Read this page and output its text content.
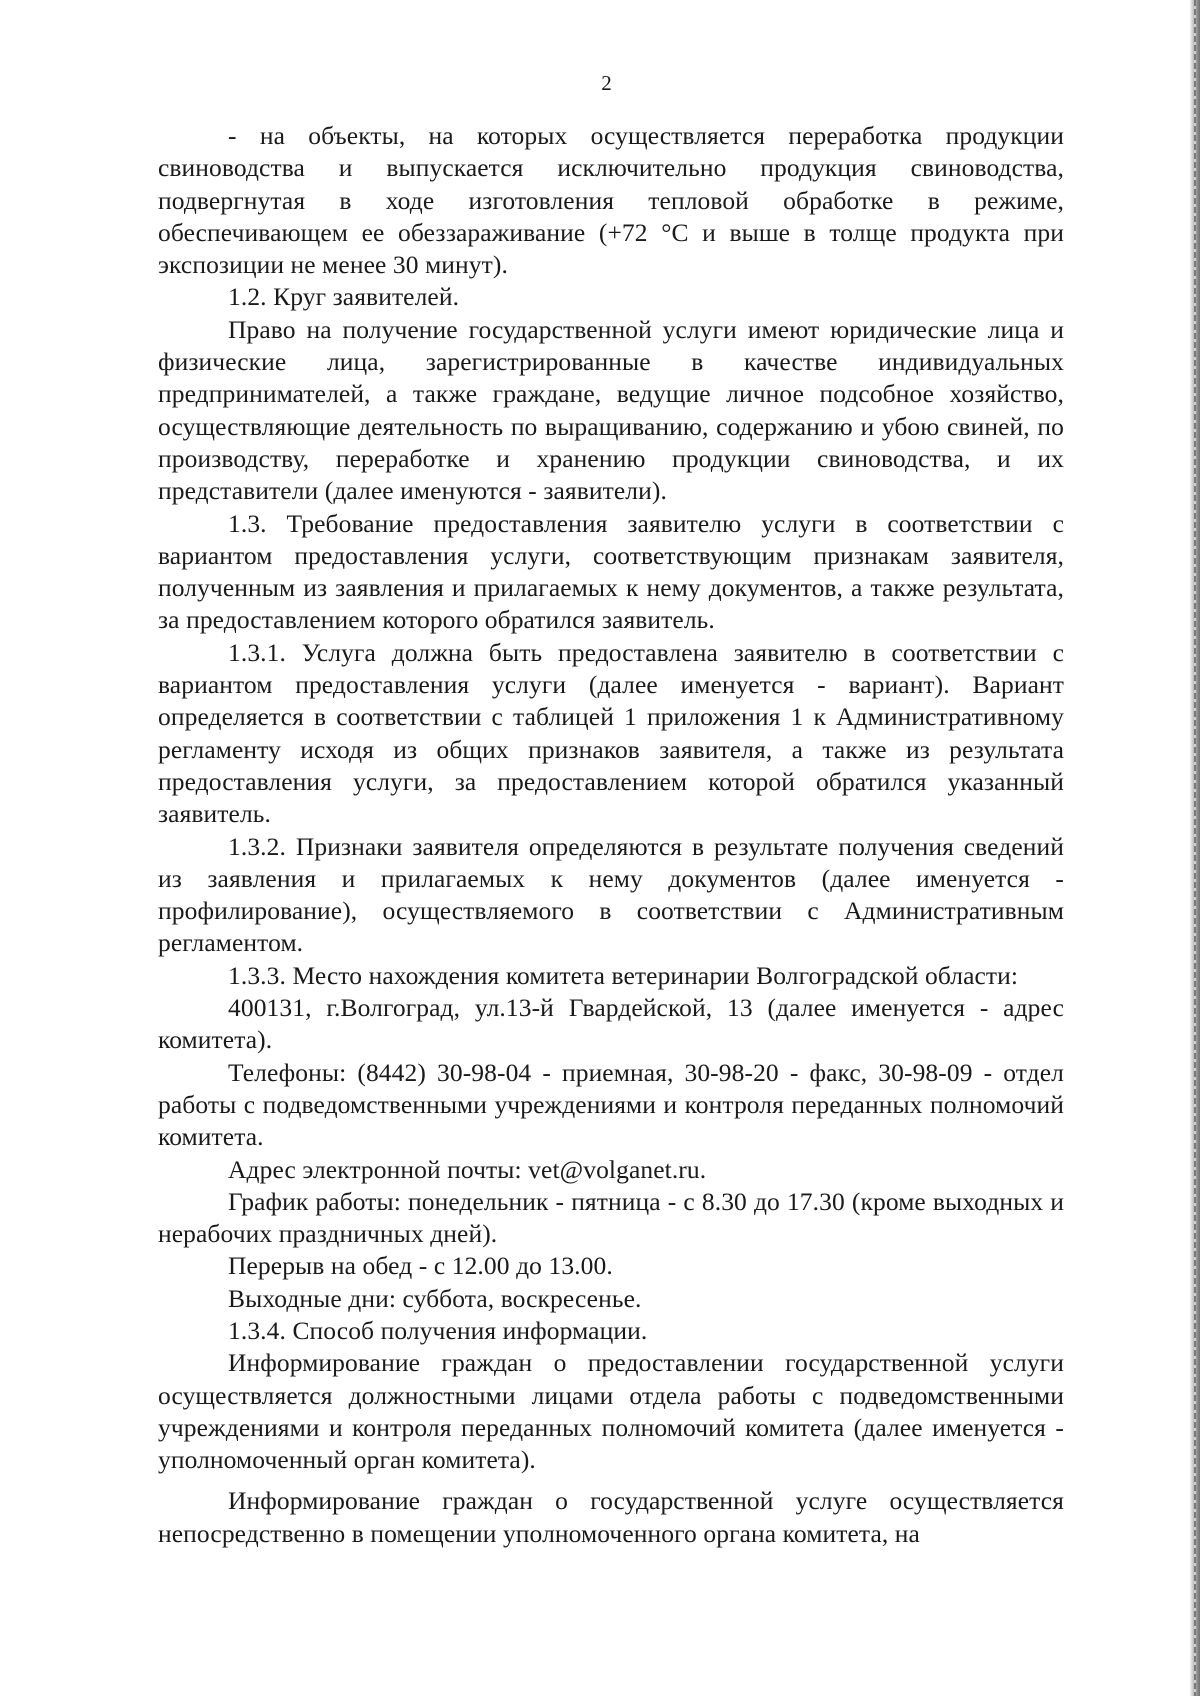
2

- на объекты, на которых осуществляется переработка продукции свиноводства и выпускается исключительно продукция свиноводства, подвергнутая в ходе изготовления тепловой обработке в режиме, обеспечивающем ее обеззараживание (+72 °С и выше в толще продукта при экспозиции не менее 30 минут).

1.2. Круг заявителей.

Право на получение государственной услуги имеют юридические лица и физические лица, зарегистрированные в качестве индивидуальных предпринимателей, а также граждане, ведущие личное подсобное хозяйство, осуществляющие деятельность по выращиванию, содержанию и убою свиней, по производству, переработке и хранению продукции свиноводства, и их представители (далее именуются - заявители).

1.3. Требование предоставления заявителю услуги в соответствии с вариантом предоставления услуги, соответствующим признакам заявителя, полученным из заявления и прилагаемых к нему документов, а также результата, за предоставлением которого обратился заявитель.

1.3.1. Услуга должна быть предоставлена заявителю в соответствии с вариантом предоставления услуги (далее именуется - вариант). Вариант определяется в соответствии с таблицей 1 приложения 1 к Административному регламенту исходя из общих признаков заявителя, а также из результата предоставления услуги, за предоставлением которой обратился указанный заявитель.

1.3.2. Признаки заявителя определяются в результате получения сведений из заявления и прилагаемых к нему документов (далее именуется - профилирование), осуществляемого в соответствии с Административным регламентом.

1.3.3. Место нахождения комитета ветеринарии Волгоградской области:

400131, г.Волгоград, ул.13-й Гвардейской, 13 (далее именуется - адрес комитета).

Телефоны: (8442) 30-98-04 - приемная, 30-98-20 - факс, 30-98-09 - отдел работы с подведомственными учреждениями и контроля переданных полномочий комитета.

Адрес электронной почты: vet@volganet.ru.

График работы: понедельник - пятница - с 8.30 до 17.30 (кроме выходных и нерабочих праздничных дней).

Перерыв на обед - с 12.00 до 13.00.

Выходные дни: суббота, воскресенье.

1.3.4. Способ получения информации.

Информирование граждан о предоставлении государственной услуги осуществляется должностными лицами отдела работы с подведомственными учреждениями и контроля переданных полномочий комитета (далее именуется - уполномоченный орган комитета).

Информирование граждан о государственной услуге осуществляется непосредственно в помещении уполномоченного органа комитета, на
